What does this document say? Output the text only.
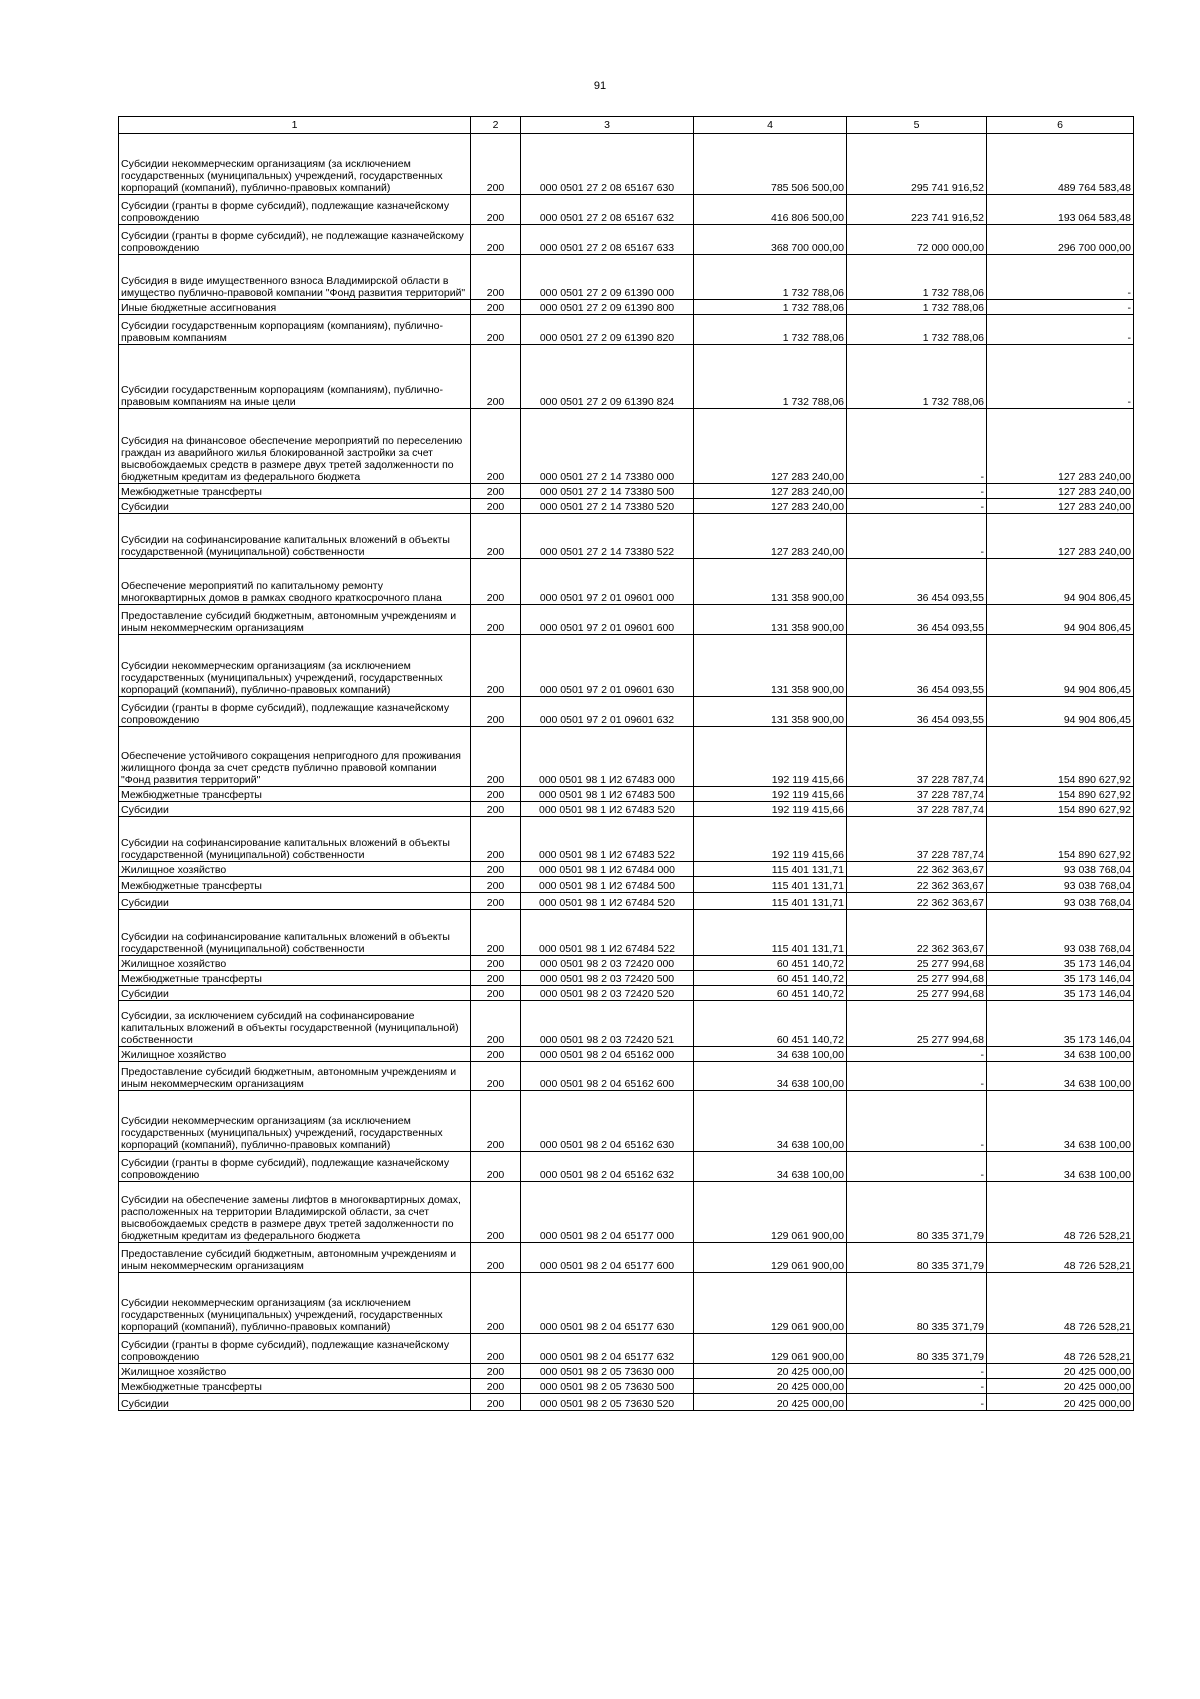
91
1	2	3	4	5	6
Субсидии некоммерческим организациям (за исключением государственных (муниципальных) учреждений, государственных корпораций (компаний), публично-правовых компаний)	200	000 0501 27 2 08 65167 630	785 506 500,00	295 741 916,52	489 764 583,48
Субсидии (гранты в форме субсидий), подлежащие казначейскому сопровождению	200	000 0501 27 2 08 65167 632	416 806 500,00	223 741 916,52	193 064 583,48
Субсидии (гранты в форме субсидий), не подлежащие казначейскому сопровождению	200	000 0501 27 2 08 65167 633	368 700 000,00	72 000 000,00	296 700 000,00
Субсидия в виде имущественного взноса Владимирской области в имущество публично-правовой компании "Фонд развития территорий"	200	000 0501 27 2 09 61390 000	1 732 788,06	1 732 788,06	-
Иные бюджетные ассигнования	200	000 0501 27 2 09 61390 800	1 732 788,06	1 732 788,06	-
Субсидии государственным корпорациям (компаниям), публично-правовым компаниям	200	000 0501 27 2 09 61390 820	1 732 788,06	1 732 788,06	-
Субсидии государственным корпорациям (компаниям), публично-правовым компаниям на иные цели	200	000 0501 27 2 09 61390 824	1 732 788,06	1 732 788,06	-
Субсидия на финансовое обеспечение мероприятий по переселению граждан из аварийного жилья блокированной застройки за счет высвобождаемых средств в размере двух третей задолженности по бюджетным кредитам из федерального бюджета	200	000 0501 27 2 14 73380 000	127 283 240,00	-	127 283 240,00
Межбюджетные трансферты	200	000 0501 27 2 14 73380 500	127 283 240,00	-	127 283 240,00
Субсидии	200	000 0501 27 2 14 73380 520	127 283 240,00	-	127 283 240,00
Субсидии на софинансирование капитальных вложений в объекты государственной (муниципальной) собственности	200	000 0501 27 2 14 73380 522	127 283 240,00	-	127 283 240,00
Обеспечение мероприятий по капитальному ремонту многоквартирных домов в рамках сводного краткосрочного плана	200	000 0501 97 2 01 09601 000	131 358 900,00	36 454 093,55	94 904 806,45
Предоставление субсидий бюджетным, автономным учреждениям и иным некоммерческим организациям	200	000 0501 97 2 01 09601 600	131 358 900,00	36 454 093,55	94 904 806,45
Субсидии некоммерческим организациям (за исключением государственных (муниципальных) учреждений, государственных корпораций (компаний), публично-правовых компаний)	200	000 0501 97 2 01 09601 630	131 358 900,00	36 454 093,55	94 904 806,45
Субсидии (гранты в форме субсидий), подлежащие казначейскому сопровождению	200	000 0501 97 2 01 09601 632	131 358 900,00	36 454 093,55	94 904 806,45
Обеспечение устойчивого сокращения непригодного для проживания жилищного фонда за счет средств публично правовой компании "Фонд развития территорий"	200	000 0501 98 1 И2 67483 000	192 119 415,66	37 228 787,74	154 890 627,92
Межбюджетные трансферты	200	000 0501 98 1 И2 67483 500	192 119 415,66	37 228 787,74	154 890 627,92
Субсидии	200	000 0501 98 1 И2 67483 520	192 119 415,66	37 228 787,74	154 890 627,92
Субсидии на софинансирование капитальных вложений в объекты государственной (муниципальной) собственности	200	000 0501 98 1 И2 67483 522	192 119 415,66	37 228 787,74	154 890 627,92
Жилищное хозяйство	200	000 0501 98 1 И2 67484 000	115 401 131,71	22 362 363,67	93 038 768,04
Межбюджетные трансферты	200	000 0501 98 1 И2 67484 500	115 401 131,71	22 362 363,67	93 038 768,04
Субсидии	200	000 0501 98 1 И2 67484 520	115 401 131,71	22 362 363,67	93 038 768,04
Субсидии на софинансирование капитальных вложений в объекты государственной (муниципальной) собственности	200	000 0501 98 1 И2 67484 522	115 401 131,71	22 362 363,67	93 038 768,04
Жилищное хозяйство	200	000 0501 98 2 03 72420 000	60 451 140,72	25 277 994,68	35 173 146,04
Межбюджетные трансферты	200	000 0501 98 2 03 72420 500	60 451 140,72	25 277 994,68	35 173 146,04
Субсидии	200	000 0501 98 2 03 72420 520	60 451 140,72	25 277 994,68	35 173 146,04
Субсидии, за исключением субсидий на софинансирование капитальных вложений в объекты государственной (муниципальной) собственности	200	000 0501 98 2 03 72420 521	60 451 140,72	25 277 994,68	35 173 146,04
Жилищное хозяйство	200	000 0501 98 2 04 65162 000	34 638 100,00	-	34 638 100,00
Предоставление субсидий бюджетным, автономным учреждениям и иным некоммерческим организациям	200	000 0501 98 2 04 65162 600	34 638 100,00	-	34 638 100,00
Субсидии некоммерческим организациям (за исключением государственных (муниципальных) учреждений, государственных корпораций (компаний), публично-правовых компаний)	200	000 0501 98 2 04 65162 630	34 638 100,00	-	34 638 100,00
Субсидии (гранты в форме субсидий), подлежащие казначейскому сопровождению	200	000 0501 98 2 04 65162 632	34 638 100,00	-	34 638 100,00
Субсидии на обеспечение замены лифтов в многоквартирных домах, расположенных на территории Владимирской области, за счет высвобождаемых средств в размере двух третей задолженности по бюджетным кредитам из федерального бюджета	200	000 0501 98 2 04 65177 000	129 061 900,00	80 335 371,79	48 726 528,21
Предоставление субсидий бюджетным, автономным учреждениям и иным некоммерческим организациям	200	000 0501 98 2 04 65177 600	129 061 900,00	80 335 371,79	48 726 528,21
Субсидии некоммерческим организациям (за исключением государственных (муниципальных) учреждений, государственных корпораций (компаний), публично-правовых компаний)	200	000 0501 98 2 04 65177 630	129 061 900,00	80 335 371,79	48 726 528,21
Субсидии (гранты в форме субсидий), подлежащие казначейскому сопровождению	200	000 0501 98 2 04 65177 632	129 061 900,00	80 335 371,79	48 726 528,21
Жилищное хозяйство	200	000 0501 98 2 05 73630 000	20 425 000,00	-	20 425 000,00
Межбюджетные трансферты	200	000 0501 98 2 05 73630 500	20 425 000,00	-	20 425 000,00
Субсидии	200	000 0501 98 2 05 73630 520	20 425 000,00	-	20 425 000,00
